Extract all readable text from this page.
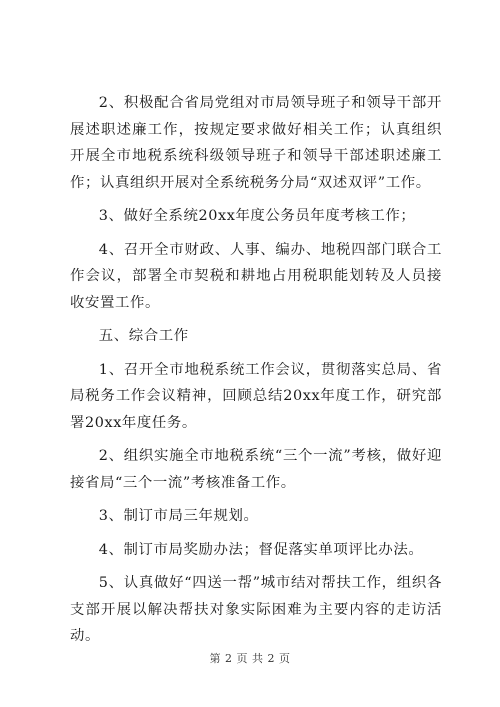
2、积极配合省局党组对市局领导班子和领导干部开展述职述廉工作，按规定要求做好相关工作；认真组织开展全市地税系统科级领导班子和领导干部述职述廉工作；认真组织开展对全系统税务分局“双述双评”工作。

3、做好全系统20xx年度公务员年度考核工作；

4、召开全市财政、人事、编办、地税四部门联合工作会议，部署全市契税和耕地占用税职能划转及人员接收安置工作。

五、综合工作

1、召开全市地税系统工作会议，贯彻落实总局、省局税务工作会议精神，回顾总结20xx年度工作，研究部署20xx年度任务。

2、组织实施全市地税系统“三个一流”考核，做好迎接省局“三个一流”考核准备工作。

3、制订市局三年规划。

4、制订市局奖励办法；督促落实单项评比办法。

5、认真做好“四送一帮”城市结对帮扶工作，组织各支部开展以解决帮扶对象实际困难为主要内容的走访活动。

第 2 页 共 2 页
